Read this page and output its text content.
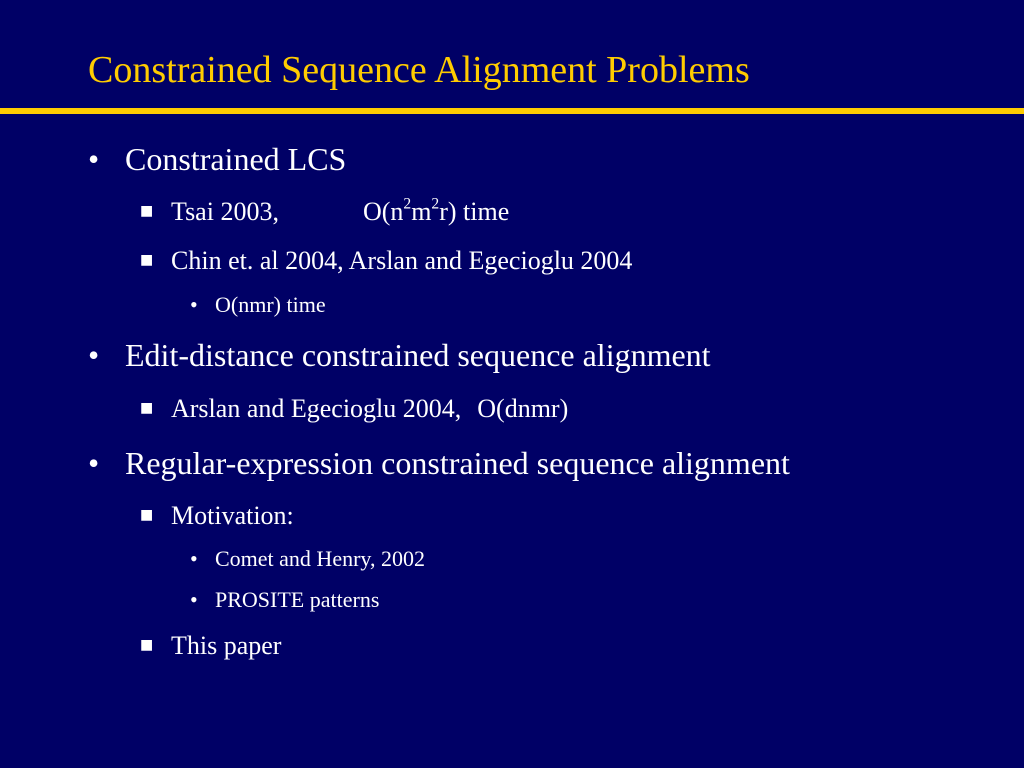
Constrained Sequence Alignment Problems
• Constrained LCS
■ Tsai 2003,	$O(n^2m^2r)$ time
■ Chin et. al 2004, Arslan and Egecioglu 2004
• O(nmr) time
• Edit-distance constrained sequence alignment
■ Arslan and Egecioglu 2004, O(dnmr)
• Regular-expression constrained sequence alignment
■ Motivation:
• Comet and Henry, 2002
• PROSITE patterns
■ This paper
